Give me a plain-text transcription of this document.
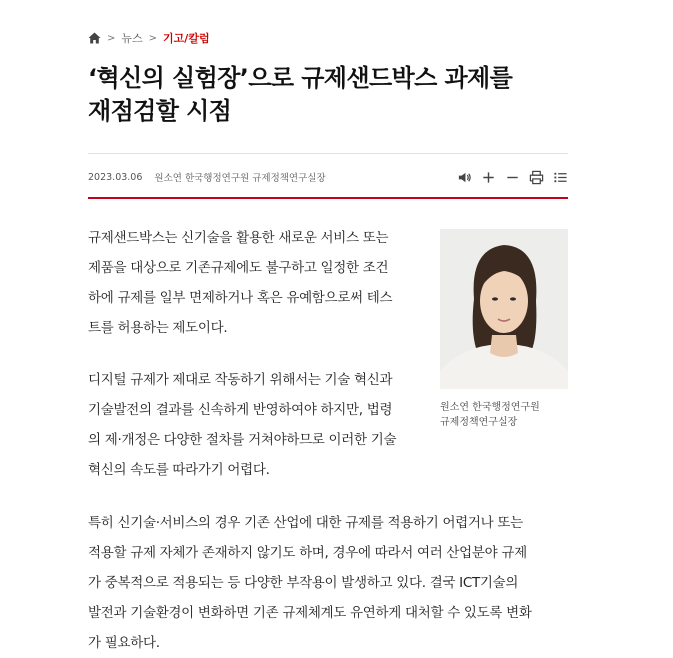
> 뉴스 > 기고/칼럼
‘혁신의 실험장’으로 규제샌드박스 과제를
재점검할 시점
2023.03.06 원소연 한국행정연구원 규제정책연구실장

규제샌드박스는 신기술을 활용한 새로운 서비스 또는
제품을 대상으로 기존규제에도 불구하고 일정한 조건
하에 규제를 일부 면제하거나 혹은 유예함으로써 테스
트를 허용하는 제도이다.

원소연 한국행정연구원
규제정책연구실장

디지털 규제가 제대로 작동하기 위해서는 기술 혁신과
기술발전의 결과를 신속하게 반영하여야 하지만, 법령
의 제·개정은 다양한 절차를 거쳐야하므로 이러한 기술
혁신의 속도를 따라가기 어렵다.

특히 신기술·서비스의 경우 기존 산업에 대한 규제를 적용하기 어렵거나 또는
적용할 규제 자체가 존재하지 않기도 하며, 경우에 따라서 여러 산업분야 규제
가 중복적으로 적용되는 등 다양한 부작용이 발생하고 있다. 결국 ICT기술의
발전과 기술환경이 변화하면 기존 규제체계도 유연하게 대처할 수 있도록 변화
가 필요하다.
